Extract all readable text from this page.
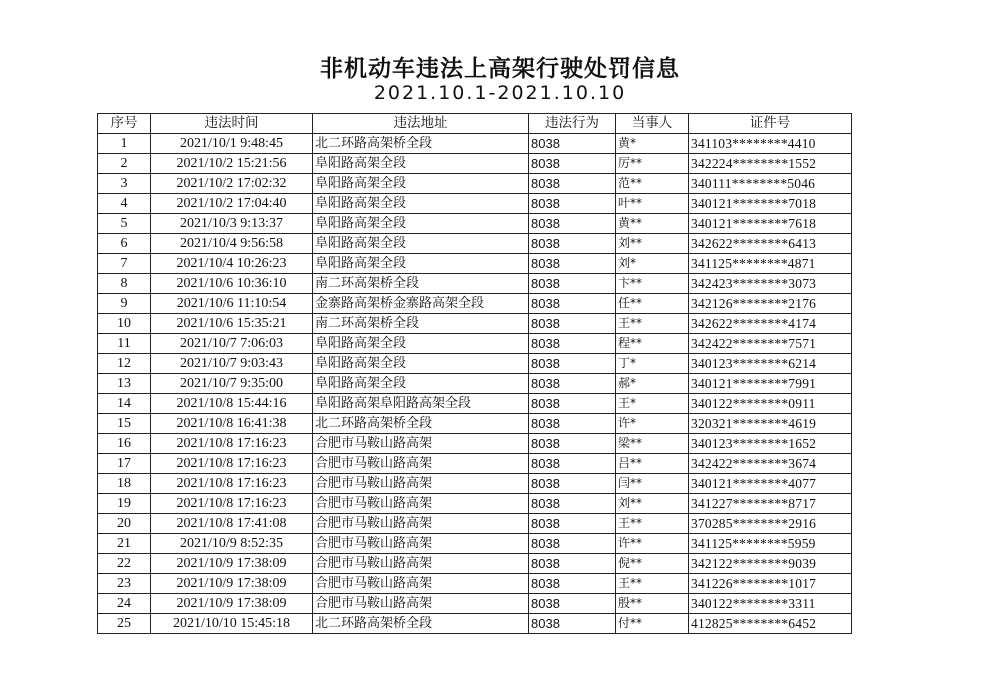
非机动车违法上高架行驶处罚信息
2021.10.1-2021.10.10
序号	违法时间	违法地址	违法行为	当事人	证件号
1	2021/10/1 9:48:45	北二环路高架桥全段	8038	黄*	341103********4410
2	2021/10/2 15:21:56	阜阳路高架全段	8038	厉**	342224********1552
3	2021/10/2 17:02:32	阜阳路高架全段	8038	范**	340111********5046
4	2021/10/2 17:04:40	阜阳路高架全段	8038	叶**	340121********7018
5	2021/10/3 9:13:37	阜阳路高架全段	8038	黄**	340121********7618
6	2021/10/4 9:56:58	阜阳路高架全段	8038	刘**	342622********6413
7	2021/10/4 10:26:23	阜阳路高架全段	8038	刘*	341125********4871
8	2021/10/6 10:36:10	南二环高架桥全段	8038	卞**	342423********3073
9	2021/10/6 11:10:54	金寨路高架桥金寨路高架全段	8038	任**	342126********2176
10	2021/10/6 15:35:21	南二环高架桥全段	8038	王**	342622********4174
11	2021/10/7 7:06:03	阜阳路高架全段	8038	程**	342422********7571
12	2021/10/7 9:03:43	阜阳路高架全段	8038	丁*	340123********6214
13	2021/10/7 9:35:00	阜阳路高架全段	8038	郝*	340121********7991
14	2021/10/8 15:44:16	阜阳路高架阜阳路高架全段	8038	王*	340122********0911
15	2021/10/8 16:41:38	北二环路高架桥全段	8038	许*	320321********4619
16	2021/10/8 17:16:23	合肥市马鞍山路高架	8038	梁**	340123********1652
17	2021/10/8 17:16:23	合肥市马鞍山路高架	8038	吕**	342422********3674
18	2021/10/8 17:16:23	合肥市马鞍山路高架	8038	闫**	340121********4077
19	2021/10/8 17:16:23	合肥市马鞍山路高架	8038	刘**	341227********8717
20	2021/10/8 17:41:08	合肥市马鞍山路高架	8038	王**	370285********2916
21	2021/10/9 8:52:35	合肥市马鞍山路高架	8038	许**	341125********5959
22	2021/10/9 17:38:09	合肥市马鞍山路高架	8038	倪**	342122********9039
23	2021/10/9 17:38:09	合肥市马鞍山路高架	8038	王**	341226********1017
24	2021/10/9 17:38:09	合肥市马鞍山路高架	8038	殷**	340122********3311
25	2021/10/10 15:45:18	北二环路高架桥全段	8038	付**	412825********6452
